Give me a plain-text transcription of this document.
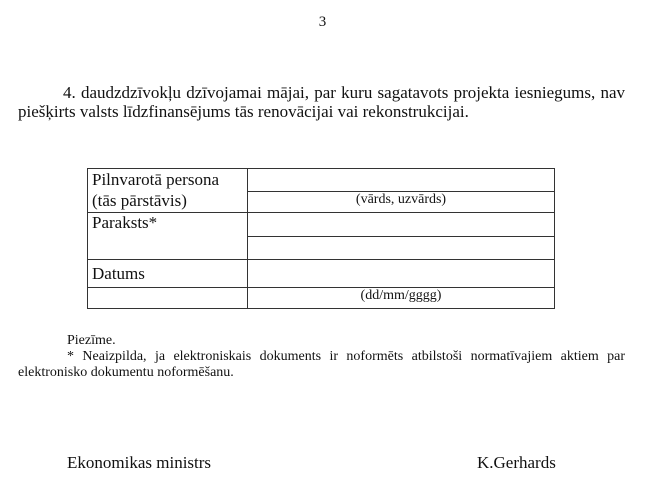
3
4. daudzdzīvokļu dzīvojamai mājai, par kuru sagatavots projekta iesniegums, nav piešķirts valsts līdzfinansējums tās renovācijai vai rekonstrukcijai.
Pilnvarotā persona (tās pārstāvis)	
	(vārds, uzvārds)
Paraksts*	

Datums	
	(dd/mm/gggg)
Piezīme.
* Neaizpilda, ja elektroniskais dokuments ir noformēts atbilstoši normatīvajiem aktiem par elektronisko dokumentu noformēšanu.
Ekonomikas ministrs	K.Gerhards
